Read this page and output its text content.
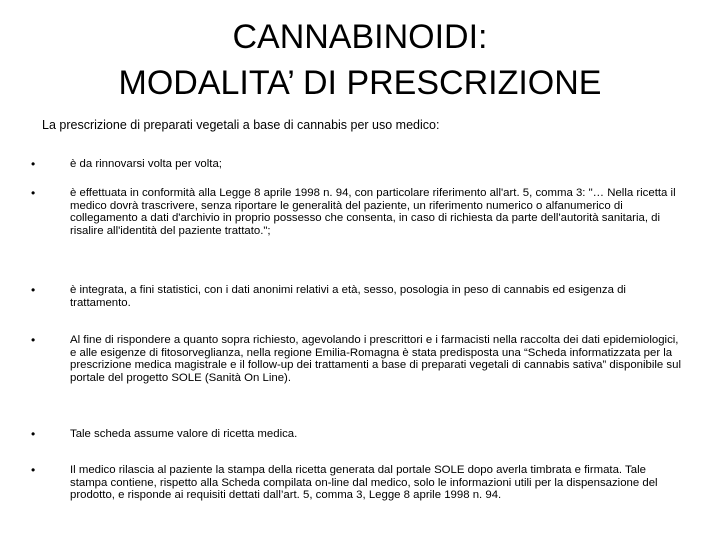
CANNABINOIDI:
MODALITA’ DI PRESCRIZIONE

La prescrizione di preparati vegetali a base di cannabis per uso medico:

•	è da rinnovarsi volta per volta;
•	è effettuata in conformità alla Legge 8 aprile 1998 n. 94, con particolare riferimento all'art. 5, comma 3: "… Nella ricetta il medico dovrà trascrivere, senza riportare le generalità del paziente, un riferimento numerico o alfanumerico di collegamento a dati d'archivio in proprio possesso che consenta, in caso di richiesta da parte dell'autorità sanitaria, di risalire all'identità del paziente trattato.";
•	è integrata, a fini statistici, con i dati anonimi relativi a età, sesso, posologia in peso di cannabis ed esigenza di trattamento.
•	Al fine di rispondere a quanto sopra richiesto, agevolando i prescrittori e i farmacisti nella raccolta dei dati epidemiologici, e alle esigenze di fitosorveglianza, nella regione Emilia-Romagna è stata predisposta una “Scheda informatizzata per la prescrizione medica magistrale e il follow-up dei trattamenti a base di preparati vegetali di cannabis sativa” disponibile sul portale del progetto SOLE (Sanità On Line).
•	Tale scheda assume valore di ricetta medica.
•	Il medico rilascia al paziente la stampa della ricetta generata dal portale SOLE dopo averla timbrata e firmata. Tale stampa contiene, rispetto alla Scheda compilata on-line dal medico, solo le informazioni utili per la dispensazione del prodotto, e risponde ai requisiti dettati dall’art. 5, comma 3, Legge 8 aprile 1998 n. 94.
